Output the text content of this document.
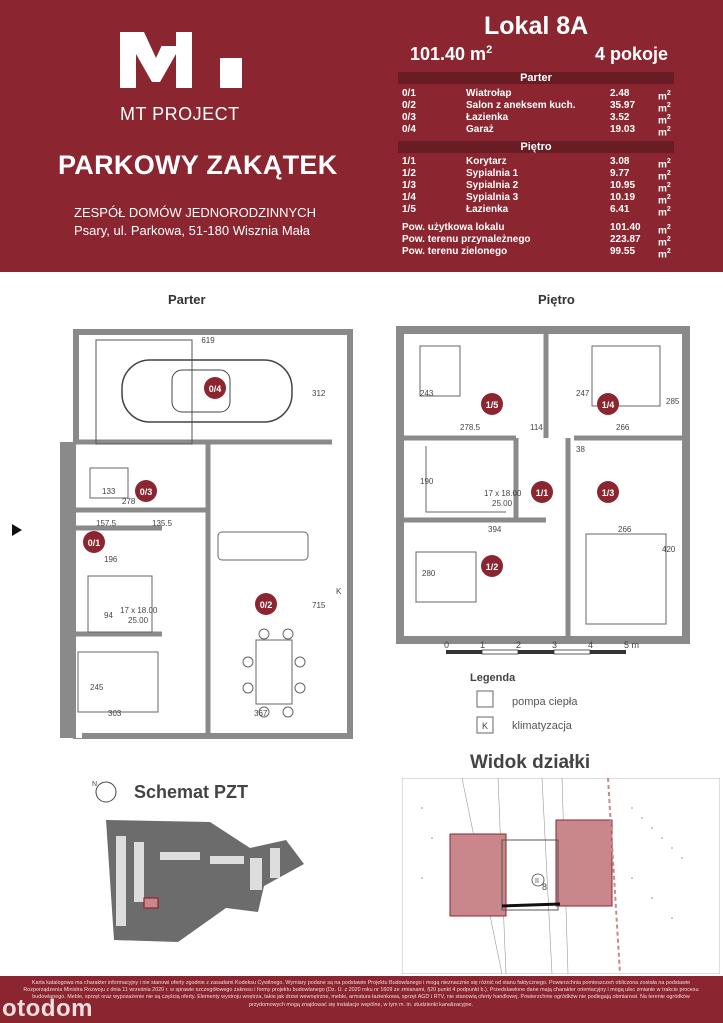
MT PROJECT
PARKOWY ZAKĄTEK
ZESPÓŁ DOMÓW JEDNORODZINNYCH
Psary, ul. Parkowa, 51-180 Wisznia Mała
Lokal 8A
101.40 $m^2$	4 pokoje
Parter
0/1	Wiatrołap	2.48	$m^2$
0/2	Salon z aneksem kuch.	35.97 $m^2$
0/3	Łazienka	3.52	$m^2$
0/4	Garaż	19.03 $m^2$
Piętro
1/1	Korytarz	3.08	$m^2$
1/2	Sypialnia 1	9.77	$m^2$
1/3	Sypialnia 2	10.95 $m^2$
1/4	Sypialnia 3	10.19 $m^2$
1/5	Łazienka	6.41	$m^2$
Pow. użytkowa lokalu	101.40 $m^2$
Pow. terenu przynależnego	223.87 $m^2$
Pow. terenu zielonego	99.55 $m^2$
Parter
0/4
0/3
0/1
0/2
619
312
278
133
157.5	135.5
196
715
303	367
245
94
17 x 18.00
25.00
K
Piętro
1/5	1/4
1/1	1/3
1/2
243
278.5	114
247
266
285
38
190
394	266
420
280
17 x 18.00
25.00
0	1	2	3	4	5 m
Legenda
pompa ciepła
K klimatyzacja
N Schemat PZT
Widok działki
II
8
Karta katalogowa ma charakter informacyjny i nie stanowi oferty zgodnie z zasadami Kodeksu Cywilnego. Wymiary podane są na podstawie Projektu Budowlanego i mogą nieznacznie się różnić od stanu faktycznego. Powierzchnia pomieszczeń obliczona została na podstawie Rozporządzenia Ministra Rozwoju z dnia 11 września 2020 r. w sprawie szczegółowego zakresu i formy projektu budowlanego (Dz. U. z 2020 roku nr 1609 ze zmianami, §20 punkt 4 podpunkt b.). Przedstawione dane mają charakter orientacyjny i mogą ulec zmianie w trakcie procesu budowlanego. Meble, sprzęt oraz wyposażenie nie są częścią oferty. Elementy wystroju wnętrza, takie jak drzwi wewnętrzne, meble, armatura łazienkowa, sprzęt AGD i RTV, nie stanowią oferty handlowej. Powierzchnie ogródków nie podlegają obmiarowi. Na terenie ogródków przydomowych mogą znajdować się instalacje wspólne, w tym m. in. studzienki kanalizacyjne.
otodom
